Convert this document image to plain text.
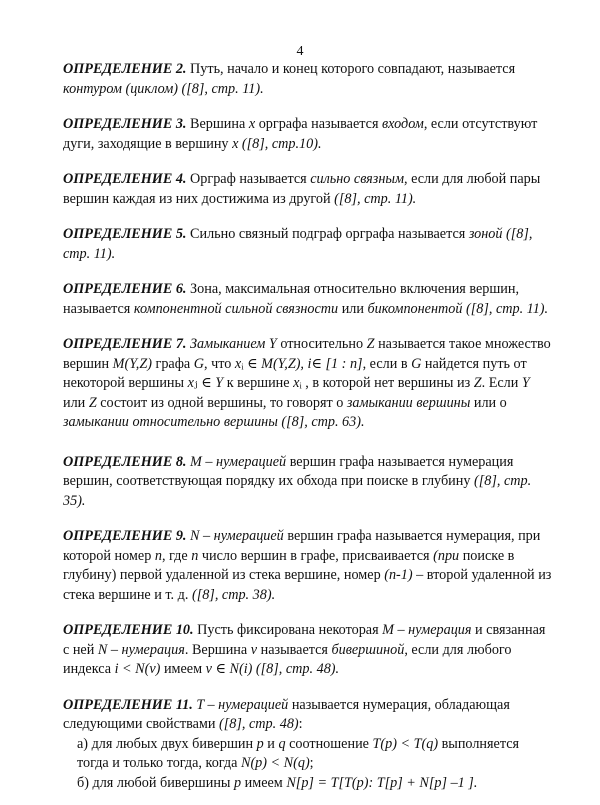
4

ОПРЕДЕЛЕНИЕ 2. Путь, начало и конец которого совпадают, называется контуром (циклом) ([8], стр. 11).

ОПРЕДЕЛЕНИЕ 3. Вершина x орграфа называется входом, если отсутствуют дуги, заходящие в вершину x ([8], стр.10).

ОПРЕДЕЛЕНИЕ 4. Орграф называется сильно связным, если для любой пары вершин каждая из них достижима из другой ([8], стр. 11).

ОПРЕДЕЛЕНИЕ 5. Сильно связный подграф орграфа называется зоной ([8], стр. 11).

ОПРЕДЕЛЕНИЕ 6. Зона, максимальная относительно включения вершин, называется компонентной сильной связности или бикомпонентой ([8], стр. 11).

ОПРЕДЕЛЕНИЕ 7. Замыканием Y относительно Z называется такое множество вершин M(Y,Z) графа G, что xᵢ ∈ M(Y,Z), i∈ [1 : n], если в G найдется путь от некоторой вершины xⱼ ∈ Y к вершине xᵢ , в которой нет вершины из Z. Если Y или Z состоит из одной вершины, то говорят о замыкании вершины или о замыкании относительно вершины ([8], стр. 63).

ОПРЕДЕЛЕНИЕ 8. M – нумерацией вершин графа называется нумерация вершин, соответствующая порядку их обхода при поиске в глубину ([8], стр. 35).

ОПРЕДЕЛЕНИЕ 9. N – нумерацией вершин графа называется нумерация, при которой номер n, где n число вершин в графе, присваивается (при поиске в глубину) первой удаленной из стека вершине, номер (n-1) – второй удаленной из стека вершине и т. д. ([8], стр. 38).

ОПРЕДЕЛЕНИЕ 10. Пусть фиксирована некоторая M – нумерация и связанная с ней N – нумерация. Вершина v называется бивершиной, если для любого индекса i < N(v) имеем v ∈ N(i) ([8], стр. 48).

ОПРЕДЕЛЕНИЕ 11. T – нумерацией называется нумерация, обладающая следующими свойствами ([8], стр. 48):

а) для любых двух бивершин p и q соотношение T(p) < T(q) выполняется тогда и только тогда, когда N(p) < N(q);

б) для любой бивершины p имеем N[p] = T[T(p): T[p] + N[p] –1 ].
